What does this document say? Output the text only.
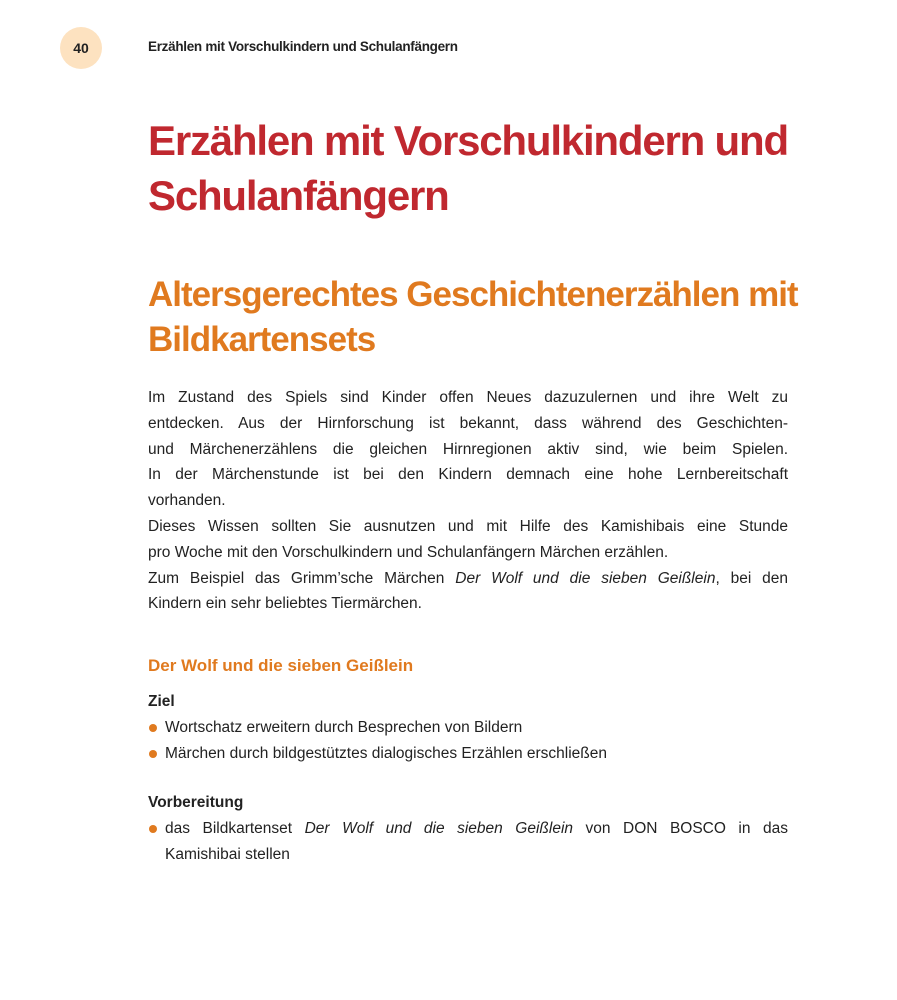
40	Erzählen mit Vorschulkindern und Schulanfängern
Erzählen mit Vorschulkindern und
Schulanfängern
Altersgerechtes Geschichtenerzählen mit
Bildkartensets

Im Zustand des Spiels sind Kinder offen Neues dazuzulernen und ihre Welt zu

entdecken. Aus der Hirnforschung ist bekannt, dass während des Geschichten-

und Märchenerzählens die gleichen Hirnregionen aktiv sind, wie beim Spielen.

In der Märchenstunde ist bei den Kindern demnach eine hohe Lernbereitschaft

vorhanden.

Dieses Wissen sollten Sie ausnutzen und mit Hilfe des Kamishibais eine Stunde

pro Woche mit den Vorschulkindern und Schulanfängern Märchen erzählen.

Zum Beispiel das Grimm’sche Märchen Der Wolf und die sieben Geißlein, bei den

Kindern ein sehr beliebtes Tiermärchen.

Der Wolf und die sieben Geißlein
Ziel
Wortschatz erweitern durch Besprechen von Bildern
Märchen durch bildgestütztes dialogisches Erzählen erschließen
Vorbereitung
das Bildkartenset Der Wolf und die sieben Geißlein von DON BOSCO in das
Kamishibai stellen
